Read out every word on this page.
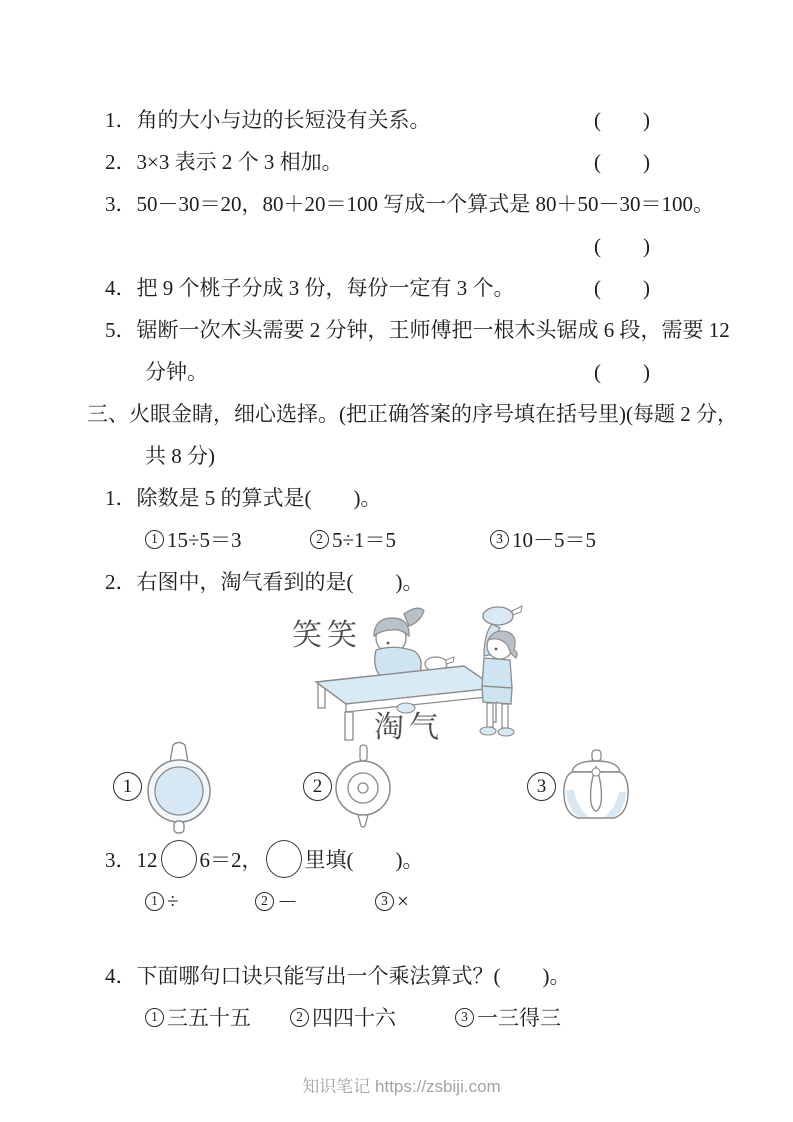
1．角的大小与边的长短没有关系。	(　　)
2．3×3 表示 2 个 3 相加。	(　　)
3．50－30＝20，80＋20＝100 写成一个算式是 80＋50－30＝100。
(　　)
4．把 9 个桃子分成 3 份，每份一定有 3 个。	(　　)
5．锯断一次木头需要 2 分钟，王师傅把一根木头锯成 6 段，需要 12
分钟。	(　　)
三、火眼金睛，细心选择。(把正确答案的序号填在括号里)(每题 2 分，
共 8 分)
1．除数是 5 的算式是(　　)。
1 15÷5＝3	2 5÷1＝5	3 10－5＝5
2．右图中，淘气看到的是(　　)。
笑笑
淘气
1	2	3
3．12 6＝2， 里填(　　)。
1 ÷	2 －	3 ×
4．下面哪句口诀只能写出一个乘法算式？(　　)。
1 三五十五	2 四四十六	3 一三得三
知识笔记 https://zsbiji.com
